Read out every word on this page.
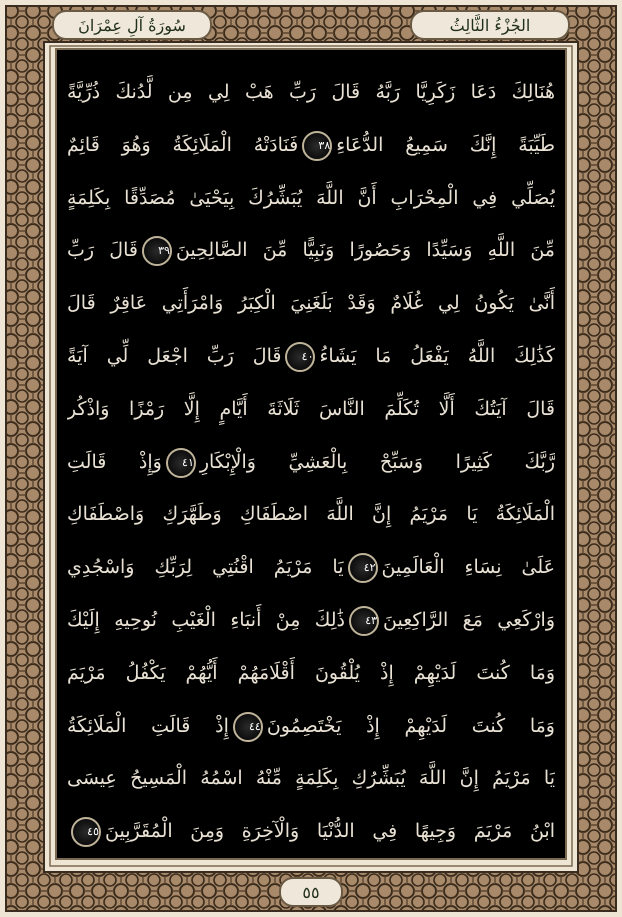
الجُزْءُ الثَّالِثُ
سُورَةُ آلِ عِمْرَانَ
هُنَالِكَ دَعَا زَكَرِيَّا رَبَّهُ قَالَ رَبِّ هَبْ لِي مِن لَّدُنكَ ذُرِّيَّةً
طَيِّبَةً إِنَّكَ سَمِيعُ الدُّعَاءِ٣٨فَنَادَتْهُ الْمَلَائِكَةُ وَهُوَ قَائِمٌ
يُصَلِّي فِي الْمِحْرَابِ أَنَّ اللَّهَ يُبَشِّرُكَ بِيَحْيَىٰ مُصَدِّقًا بِكَلِمَةٍ
مِّنَ اللَّهِ وَسَيِّدًا وَحَصُورًا وَنَبِيًّا مِّنَ الصَّالِحِينَ٣٩قَالَ رَبِّ
أَنَّىٰ يَكُونُ لِي غُلَامٌ وَقَدْ بَلَغَنِيَ الْكِبَرُ وَامْرَأَتِي عَاقِرٌ قَالَ
كَذَٰلِكَ اللَّهُ يَفْعَلُ مَا يَشَاءُ٤٠قَالَ رَبِّ اجْعَل لِّي آيَةً
قَالَ آيَتُكَ أَلَّا تُكَلِّمَ النَّاسَ ثَلَاثَةَ أَيَّامٍ إِلَّا رَمْزًا وَاذْكُر
رَّبَّكَ كَثِيرًا وَسَبِّحْ بِالْعَشِيِّ وَالْإِبْكَارِ٤١وَإِذْ قَالَتِ
الْمَلَائِكَةُ يَا مَرْيَمُ إِنَّ اللَّهَ اصْطَفَاكِ وَطَهَّرَكِ وَاصْطَفَاكِ
عَلَىٰ نِسَاءِ الْعَالَمِينَ٤٢يَا مَرْيَمُ اقْنُتِي لِرَبِّكِ وَاسْجُدِي
وَارْكَعِي مَعَ الرَّاكِعِينَ٤٣ذَٰلِكَ مِنْ أَنبَاءِ الْغَيْبِ نُوحِيهِ إِلَيْكَ
وَمَا كُنتَ لَدَيْهِمْ إِذْ يُلْقُونَ أَقْلَامَهُمْ أَيُّهُمْ يَكْفُلُ مَرْيَمَ
وَمَا كُنتَ لَدَيْهِمْ إِذْ يَخْتَصِمُونَ٤٤إِذْ قَالَتِ الْمَلَائِكَةُ
يَا مَرْيَمُ إِنَّ اللَّهَ يُبَشِّرُكِ بِكَلِمَةٍ مِّنْهُ اسْمُهُ الْمَسِيحُ عِيسَى
ابْنُ مَرْيَمَ وَجِيهًا فِي الدُّنْيَا وَالْآخِرَةِ وَمِنَ الْمُقَرَّبِينَ٤٥
٥٥
